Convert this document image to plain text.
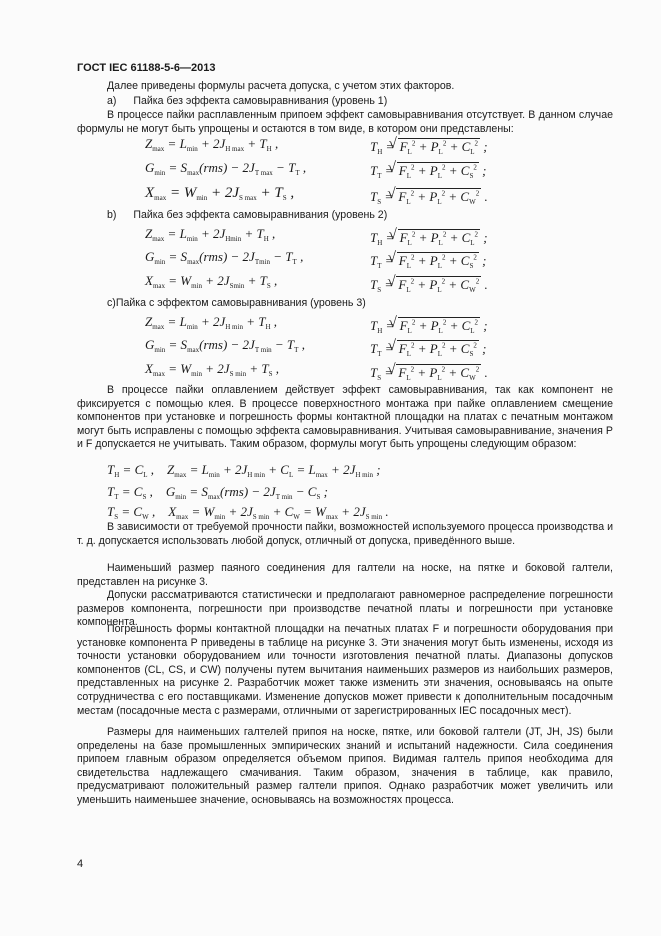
ГОСТ IEC 61188-5-6—2013

Далее приведены формулы расчета допуска, с учетом этих факторов.

a) Пайка без эффекта самовыравнивания (уровень 1)

В процессе пайки расплавленным припоем эффект самовыравнивания отсутствует. В данном случае формулы не могут быть упрощены и остаются в том виде, в котором они представлены:

$Z_{max} = L_{min} + 2J_{H max} + T_H$ ,	$T_H$ = √ $F_L^2 + P_L^2 + C_L^2$ ;
$G_{min} = S_{max}(rms) - 2J_{T max} - T_T$ ,	$T_T$ = √ $F_L^2 + P_L^2 + C_S^2$ ;
$X_{max} = W_{min} + 2J_{S max} + T_S$ ,	$T_S$ = √ $F_L^2 + P_L^2 + C_W^2$ .
b) Пайка без эффекта самовыравнивания (уровень 2)
$Z_{max} = L_{min} + 2J_{Hmin} + T_H$ ,	$T_H$ = √ $F_L^2 + P_L^2 + C_L^2$ ;
$G_{min} = S_{max}(rms) - 2J_{Tmin} - T_T$ ,	$T_T$ = √ $F_L^2 + P_L^2 + C_S^2$ ;
$X_{max} = W_{min} + 2J_{Smin} + T_S$ ,	$T_S$ = √ $F_L^2 + P_L^2 + C_W^2$ .
с)Пайка с эффектом самовыравнивания (уровень 3)
$Z_{max} = L_{min} + 2J_{H min} + T_H$ ,	$T_H$ = √ $F_L^2 + P_L^2 + C_L^2$ ;
$G_{min} = S_{max}(rms) - 2J_{T min} - T_T$ ,	$T_T$ = √ $F_L^2 + P_L^2 + C_S^2$ ;
$X_{max} = W_{min} + 2J_{S min} + T_S$ ,	$T_S$ = √ $F_L^2 + P_L^2 + C_W^2$ .

В процессе пайки оплавлением действует эффект самовыравнивания, так как компонент не фиксируется с помощью клея. В процессе поверхностного монтажа при пайке оплавлением смещение компонентов при установке и погрешность формы контактной площадки на платах с печатным монтажом могут быть исправлены с помощью эффекта самовыравнивания. Учитывая самовыравнивание, значения P и F допускается не учитывать. Таким образом, формулы могут быть упрощены следующим образом:

$T_H = C_L$ ,    $Z_{max} = L_{min} + 2J_{H min} + C_L = L_{max} + 2J_{H min}$ ;
$T_T = C_S$ ,    $G_{min} = S_{max}(rms) - 2J_{T min} - C_S$ ;
$T_S = C_W$ ,    $X_{max} = W_{min} + 2J_{S min} + C_W = W_{max} + 2J_{S min}$ .

В зависимости от требуемой прочности пайки, возможностей используемого процесса производства и т. д. допускается использовать любой допуск, отличный от допуска, приведённого выше.

Наименьший размер паяного соединения для галтели на носке, на пятке и боковой галтели, представлен на рисунке 3.

Допуски рассматриваются статистически и предполагают равномерное распределение погрешности размеров компонента, погрешности при производстве печатной платы и погрешности при установке компонента.

Погрешность формы контактной площадки на печатных платах F и погрешности оборудования при установке компонента P приведены в таблице на рисунке 3. Эти значения могут быть изменены, исходя из точности установки оборудованием или точности изготовления печатной платы. Диапазоны допусков компонентов (CL, CS, и CW) получены путем вычитания наименьших размеров из наибольших размеров, представленных на рисунке 2. Разработчик может также изменить эти значения, основываясь на опыте сотрудничества с его поставщиками. Изменение допусков может привести к дополнительным посадочным местам (посадочные места с размерами, отличными от зарегистрированных IEC посадочных мест).

Размеры для наименьших галтелей припоя на носке, пятке, или боковой галтели (JT, JH, JS) были определены на базе промышленных эмпирических знаний и испытаний надежности. Сила соединения припоем главным образом определяется объемом припоя. Видимая галтель припоя необходима для свидетельства надлежащего смачивания. Таким образом, значения в таблице, как правило, предусматривают положительный размер галтели припоя. Однако разработчик может увеличить или уменьшить наименьшее значение, основываясь на возможностях процесса.

4
